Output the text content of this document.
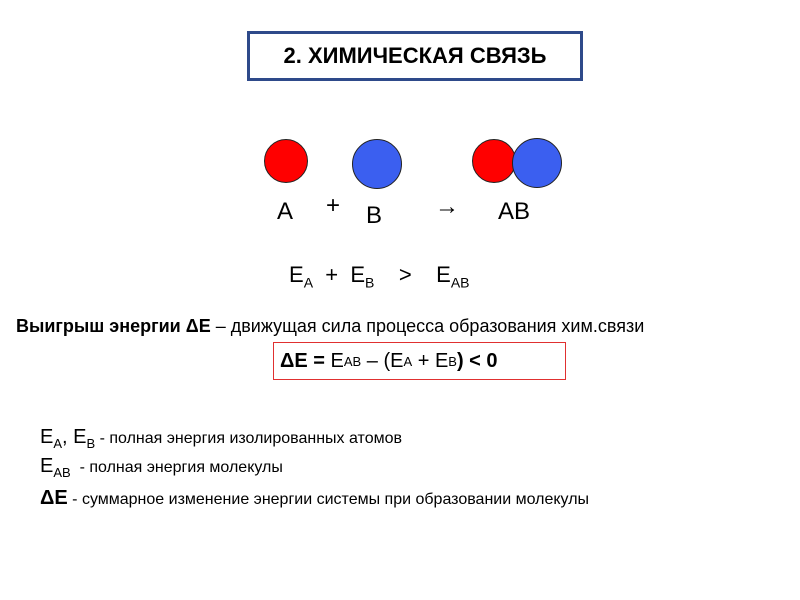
2. ХИМИЧЕСКАЯ СВЯЗЬ
A + B → AB
$E_A + E_B > E_{AB}$
Выигрыш энергии ΔE – движущая сила процесса образования хим.связи
ΔE
=
E AB
– ( E A
+
E B ) < 0
$E_A$, $E_B$ - полная энергия изолированных атомов
$E_{AB}$  - полная энергия молекулы
ΔE - суммарное изменение энергии системы при образовании молекулы
